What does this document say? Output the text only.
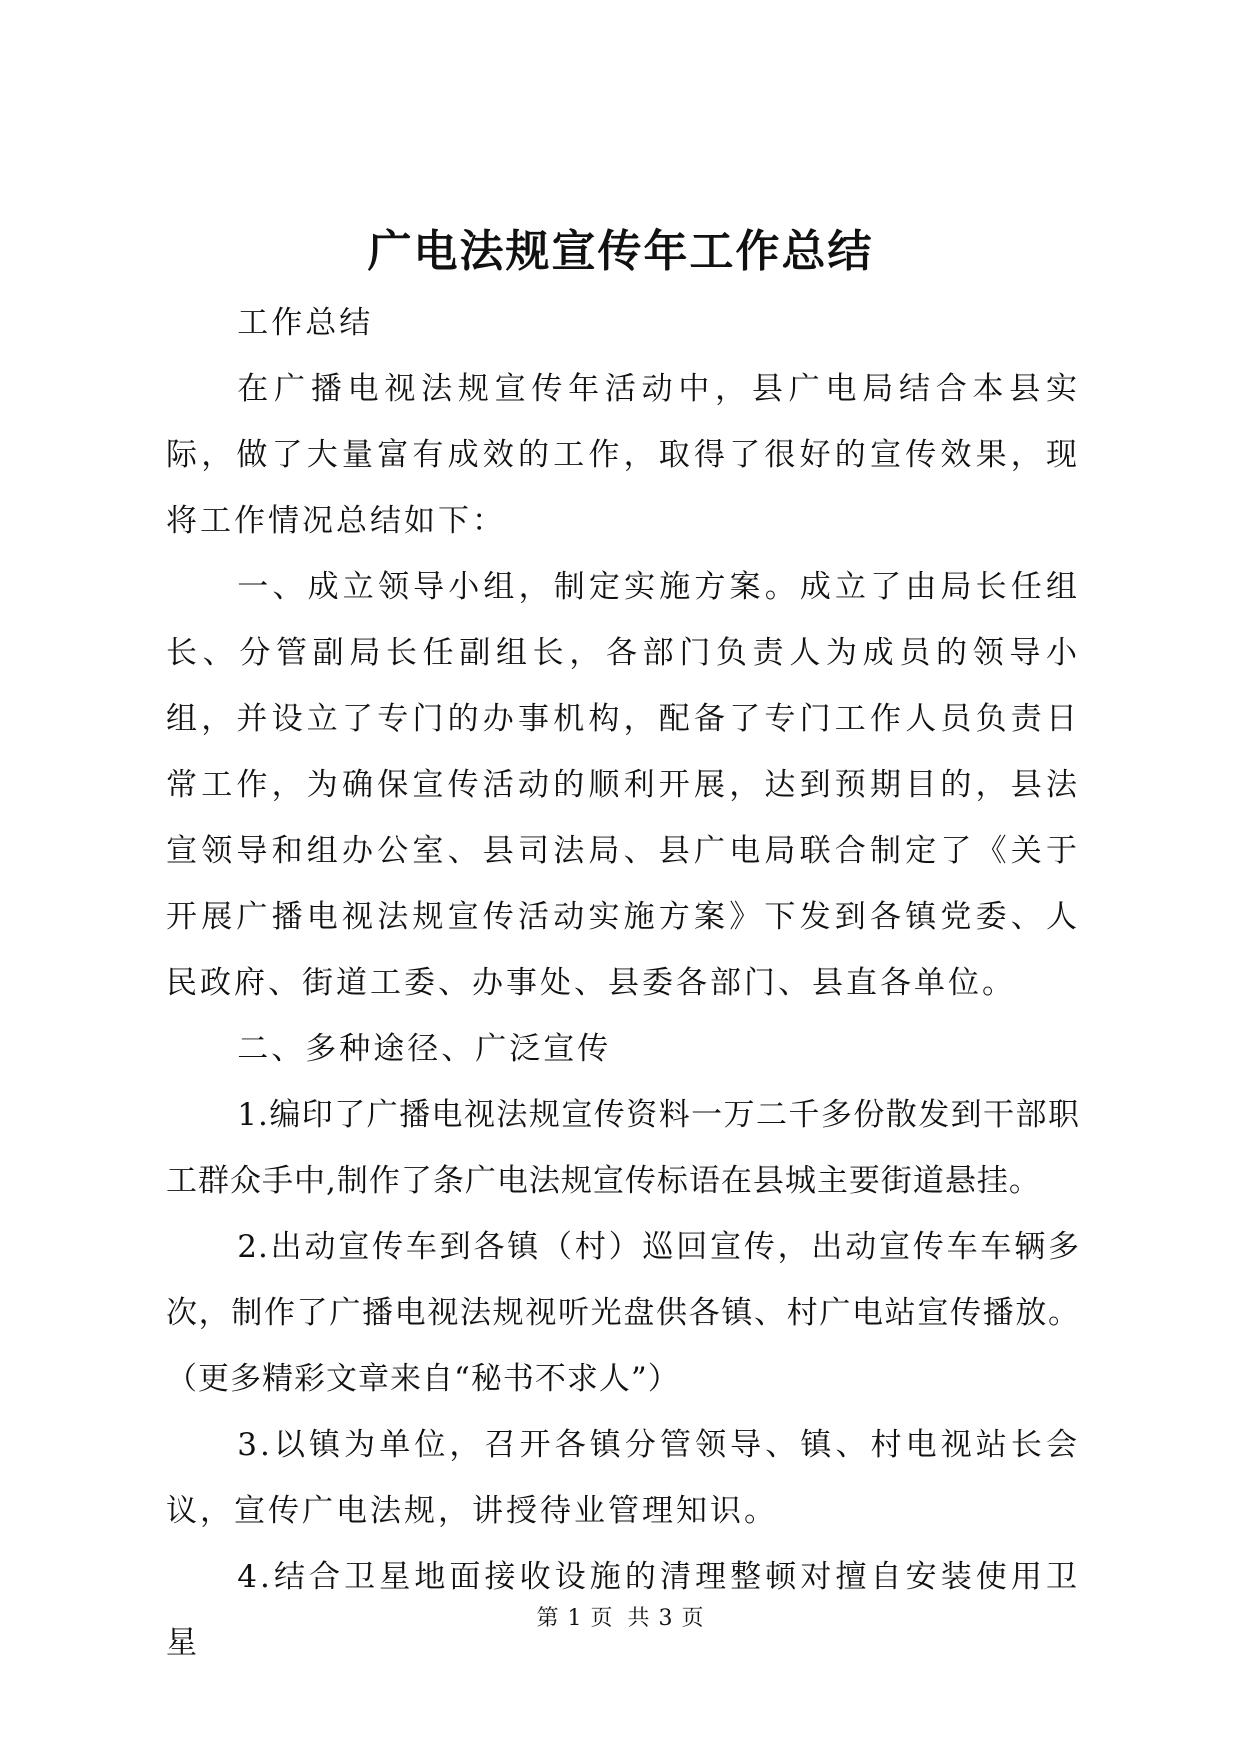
广电法规宣传年工作总结

工作总结

在广播电视法规宣传年活动中，县广电局结合本县实际，做了大量富有成效的工作，取得了很好的宣传效果，现将工作情况总结如下：

一、成立领导小组，制定实施方案。成立了由局长任组长、分管副局长任副组长，各部门负责人为成员的领导小组，并设立了专门的办事机构，配备了专门工作人员负责日常工作，为确保宣传活动的顺利开展，达到预期目的，县法宣领导和组办公室、县司法局、县广电局联合制定了《关于开展广播电视法规宣传活动实施方案》下发到各镇党委、人民政府、街道工委、办事处、县委各部门、县直各单位。

二、多种途径、广泛宣传

1.编印了广播电视法规宣传资料一万二千多份散发到干部职工群众手中,制作了条广电法规宣传标语在县城主要街道悬挂。

2.出动宣传车到各镇（村）巡回宣传，出动宣传车车辆多次，制作了广播电视法规视听光盘供各镇、村广电站宣传播放。（更多精彩文章来自“秘书不求人”）

3.以镇为单位，召开各镇分管领导、镇、村电视站长会议，宣传广电法规，讲授待业管理知识。

4.结合卫星地面接收设施的清理整顿对擅自安装使用卫星

第 1 页 共 3 页
